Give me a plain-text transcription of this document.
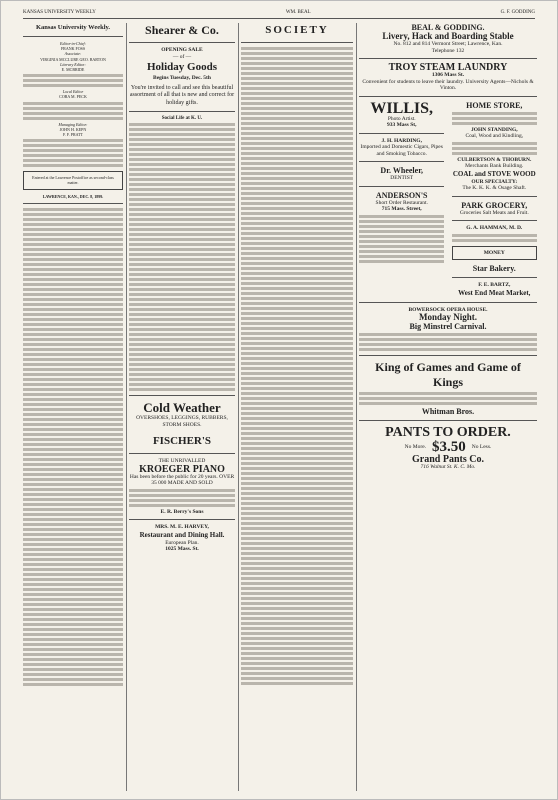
KANSAS UNIVERSITY WEEKLY	WM. BEAL	G. F. GODDING
Kansas University Weekly.
Editor-in-Chief:
FRANK FOSS
Associate:
VIRGINIA MCCLURE GEO. BARTON
Literary Editor:
E. MCBRIDE
Local Editor
CORA M. PECK
Managing Editor:
JOHN H. KEPN
F. F. PRATT
Entered at the Lawrence Postoffice as second-class matter.
LAWRENCE, KAN., DEC. 8, 1899.
Shearer & Co.
OPENING SALE
— of —
Holiday Goods
Begins Tuesday, Dec. 5th
You're invited to call and see this beautiful assortment of all that is new and correct for holiday gifts.
Social Life at K. U.
Cold Weather
OVERSHOES, LEGGINGS, RUBBERS, STORM SHOES.
FISCHER'S
THE UNRIVALLED
KROEGER PIANO
Has been before the public for 20 years. OVER 35 000 MADE AND SOLD
E. R. Berry's Sons
MRS. M. E. HARVEY,
Restaurant and Dining Hall.
European Plan.
1025 Mass. St.
SOCIETY	BEAL & GODDING.
Livery, Hack and Boarding Stable
No. 812 and 814 Vermont Street; Lawrence, Kan.
Telephone 132
TROY STEAM LAUNDRY
1306 Mass St.
Convenient for students to leave their laundry. University Agents—Nichols & Vinton.
WILLIS,
Photo Artist.
933 Mass St,
J. H. HARDING,
Imported and Domestic Cigars, Pipes and Smoking Tobacco.
Dr. Wheeler,
DENTIST
ANDERSON'S
Short Order Restaurant.
715 Mass. Street,
HOME STORE,
JOHN STANDING,
Coal, Wood and Kindling,
CULBERTSON & THOBURN.
Merchants Bank Building.
COAL and STOVE WOOD
OUR SPECIALTY:
The K. K. K. & Osage Shaft.
PARK GROCERY,
Groceries Salt Meats and Fruit.
G. A. HAMMAN, M. D.
MONEY
Star Bakery.
F. E. BARTZ,
West End Meat Market,
BOWERSOCK OPERA HOUSE.
Monday Night.
Big Minstrel Carnival.
King of Games and Game of Kings
Whitman Bros.
PANTS TO ORDER.
No More. $3.50 No Less.
Grand Pants Co.
716 Walnut St. K. C. Mo.
